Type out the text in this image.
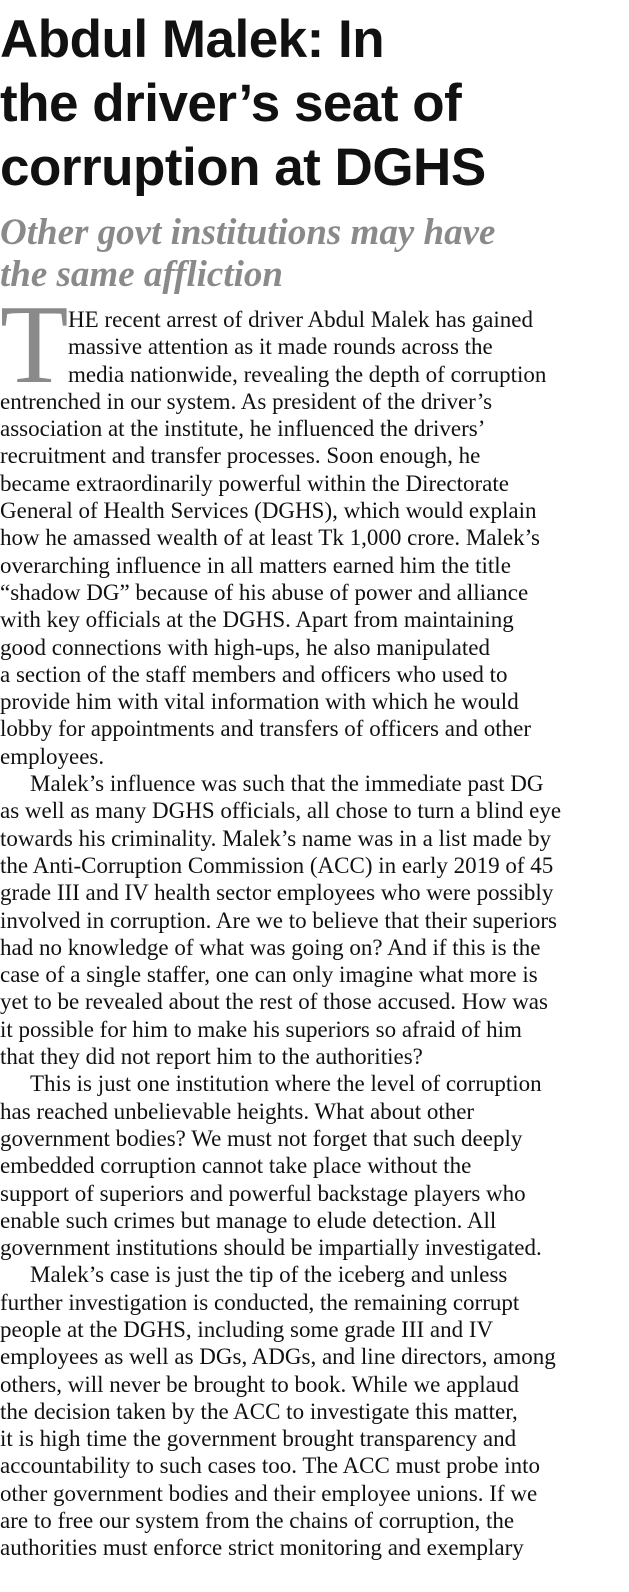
Abdul Malek: In
the driver’s seat of
corruption at DGHS
Other govt institutions may have
the same affliction
T HE recent arrest of driver Abdul Malek has gained
massive attention as it made rounds across the
media nationwide, revealing the depth of corruption
entrenched in our system. As president of the driver’s
association at the institute, he influenced the drivers’
recruitment and transfer processes. Soon enough, he
became extraordinarily powerful within the Directorate
General of Health Services (DGHS), which would explain
how he amassed wealth of at least Tk 1,000 crore. Malek’s
overarching influence in all matters earned him the title
“shadow DG” because of his abuse of power and alliance
with key officials at the DGHS. Apart from maintaining
good connections with high-ups, he also manipulated
a section of the staff members and officers who used to
provide him with vital information with which he would
lobby for appointments and transfers of officers and other
employees.
Malek’s influence was such that the immediate past DG
as well as many DGHS officials, all chose to turn a blind eye
towards his criminality. Malek’s name was in a list made by
the Anti-Corruption Commission (ACC) in early 2019 of 45
grade III and IV health sector employees who were possibly
involved in corruption. Are we to believe that their superiors
had no knowledge of what was going on? And if this is the
case of a single staffer, one can only imagine what more is
yet to be revealed about the rest of those accused. How was
it possible for him to make his superiors so afraid of him
that they did not report him to the authorities?
This is just one institution where the level of corruption
has reached unbelievable heights. What about other
government bodies? We must not forget that such deeply
embedded corruption cannot take place without the
support of superiors and powerful backstage players who
enable such crimes but manage to elude detection. All
government institutions should be impartially investigated.
Malek’s case is just the tip of the iceberg and unless
further investigation is conducted, the remaining corrupt
people at the DGHS, including some grade III and IV
employees as well as DGs, ADGs, and line directors, among
others, will never be brought to book. While we applaud
the decision taken by the ACC to investigate this matter,
it is high time the government brought transparency and
accountability to such cases too. The ACC must probe into
other government bodies and their employee unions. If we
are to free our system from the chains of corruption, the
authorities must enforce strict monitoring and exemplary
